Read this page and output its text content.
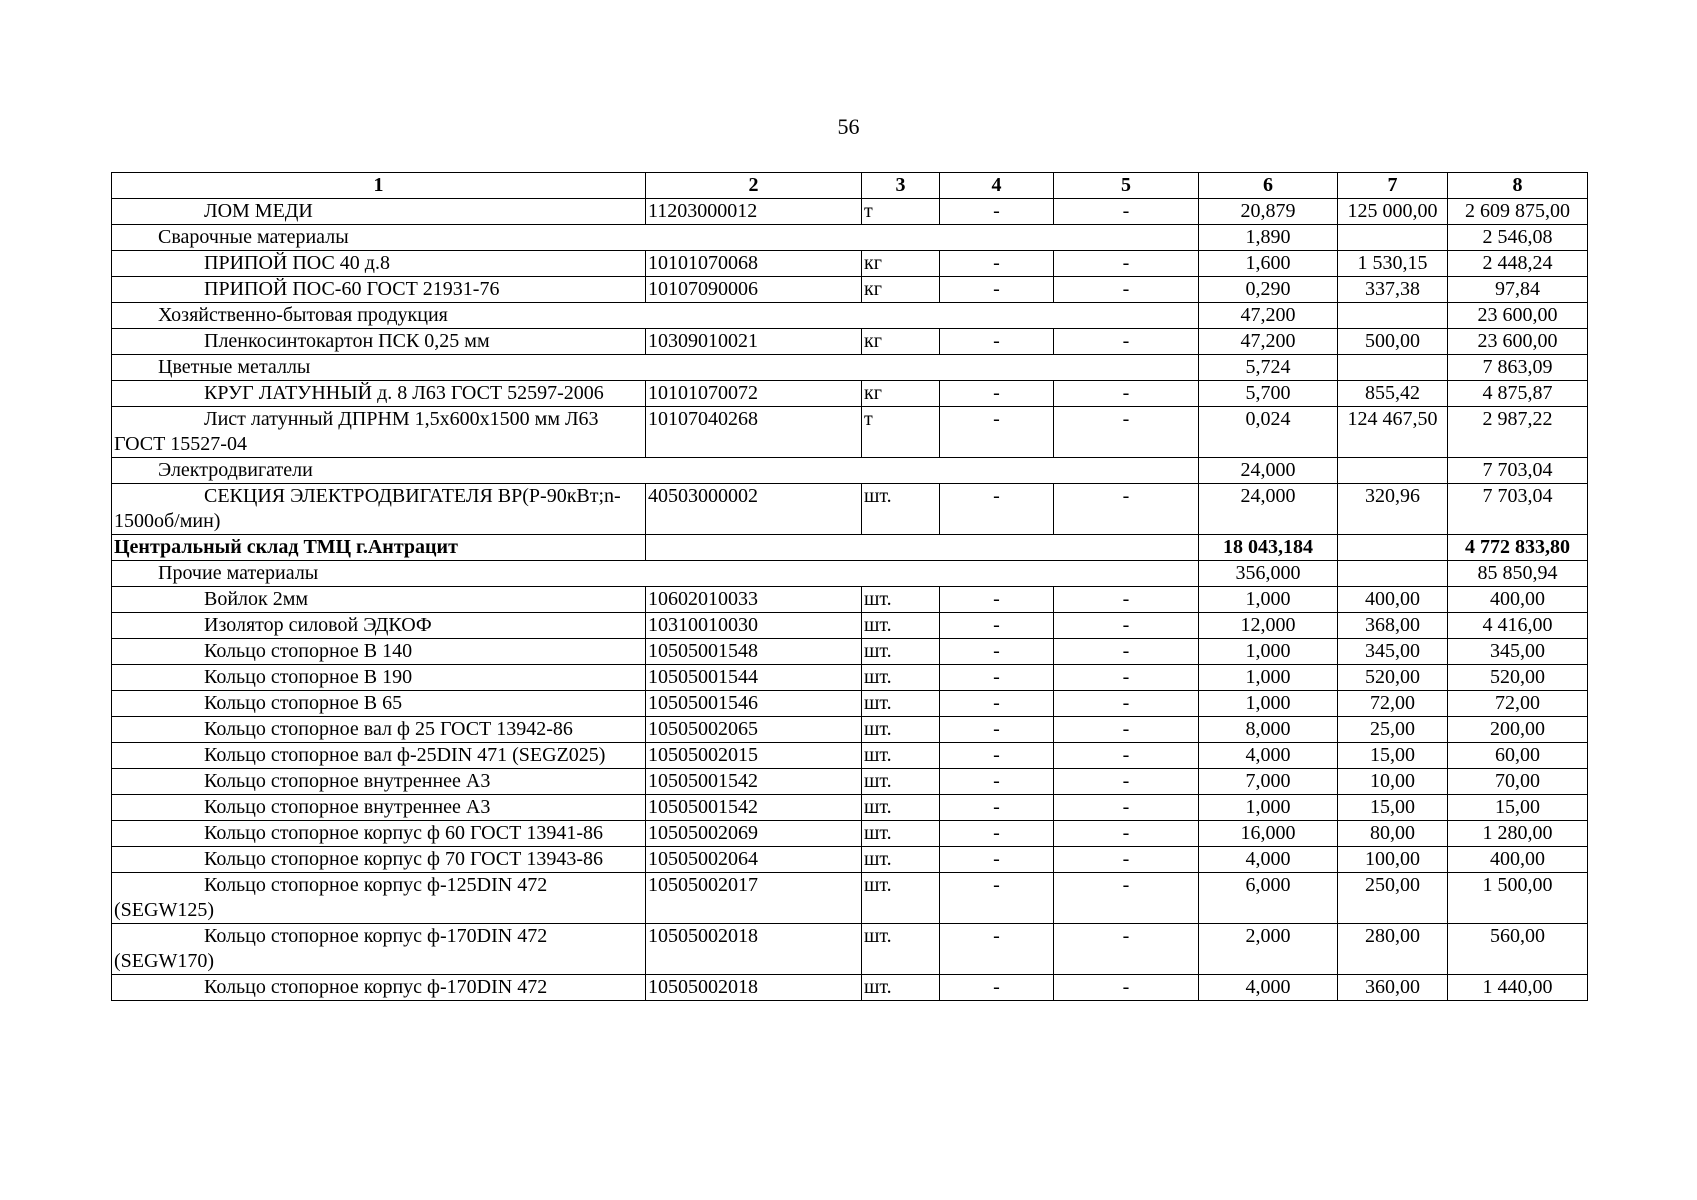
56
1	2	3	4	5	6	7	8
ЛОМ МЕДИ	11203000012	т	-	-	20,879	125 000,00	2 609 875,00
Сварочные материалы					1,890		2 546,08
ПРИПОЙ ПОС 40 д.8	10101070068	кг	-	-	1,600	1 530,15	2 448,24
ПРИПОЙ ПОС-60 ГОСТ 21931-76	10107090006	кг	-	-	0,290	337,38	97,84
Хозяйственно-бытовая продукция					47,200		23 600,00
Пленкосинтокартон ПСК 0,25 мм	10309010021	кг	-	-	47,200	500,00	23 600,00
Цветные металлы					5,724		7 863,09
КРУГ ЛАТУННЫЙ д. 8 Л63 ГОСТ 52597-2006	10101070072	кг	-	-	5,700	855,42	4 875,87
Лист латунный ДПРНМ 1,5х600х1500 мм Л63 ГОСТ 15527-04	10107040268	т	-	-	0,024	124 467,50	2 987,22
Электродвигатели					24,000		7 703,04
СЕКЦИЯ ЭЛЕКТРОДВИГАТЕЛЯ ВР(Р-90кВт;n-1500об/мин)	40503000002	шт.	-	-	24,000	320,96	7 703,04
Центральный склад ТМЦ г.Антрацит					18 043,184		4 772 833,80
Прочие материалы					356,000		85 850,94
Войлок 2мм	10602010033	шт.	-	-	1,000	400,00	400,00
Изолятор силовой ЭДКОФ	10310010030	шт.	-	-	12,000	368,00	4 416,00
Кольцо стопорное В 140	10505001548	шт.	-	-	1,000	345,00	345,00
Кольцо стопорное В 190	10505001544	шт.	-	-	1,000	520,00	520,00
Кольцо стопорное В 65	10505001546	шт.	-	-	1,000	72,00	72,00
Кольцо стопорное вал ф 25 ГОСТ 13942-86	10505002065	шт.	-	-	8,000	25,00	200,00
Кольцо стопорное вал ф-25DIN 471 (SEGZ025)	10505002015	шт.	-	-	4,000	15,00	60,00
Кольцо стопорное внутреннее А3	10505001542	шт.	-	-	7,000	10,00	70,00
Кольцо стопорное внутреннее А3	10505001542	шт.	-	-	1,000	15,00	15,00
Кольцо стопорное корпус ф 60 ГОСТ 13941-86	10505002069	шт.	-	-	16,000	80,00	1 280,00
Кольцо стопорное корпус ф 70 ГОСТ 13943-86	10505002064	шт.	-	-	4,000	100,00	400,00
Кольцо стопорное корпус ф-125DIN 472 (SEGW125)	10505002017	шт.	-	-	6,000	250,00	1 500,00
Кольцо стопорное корпус ф-170DIN 472 (SEGW170)	10505002018	шт.	-	-	2,000	280,00	560,00
Кольцо стопорное корпус ф-170DIN 472	10505002018	шт.	-	-	4,000	360,00	1 440,00
